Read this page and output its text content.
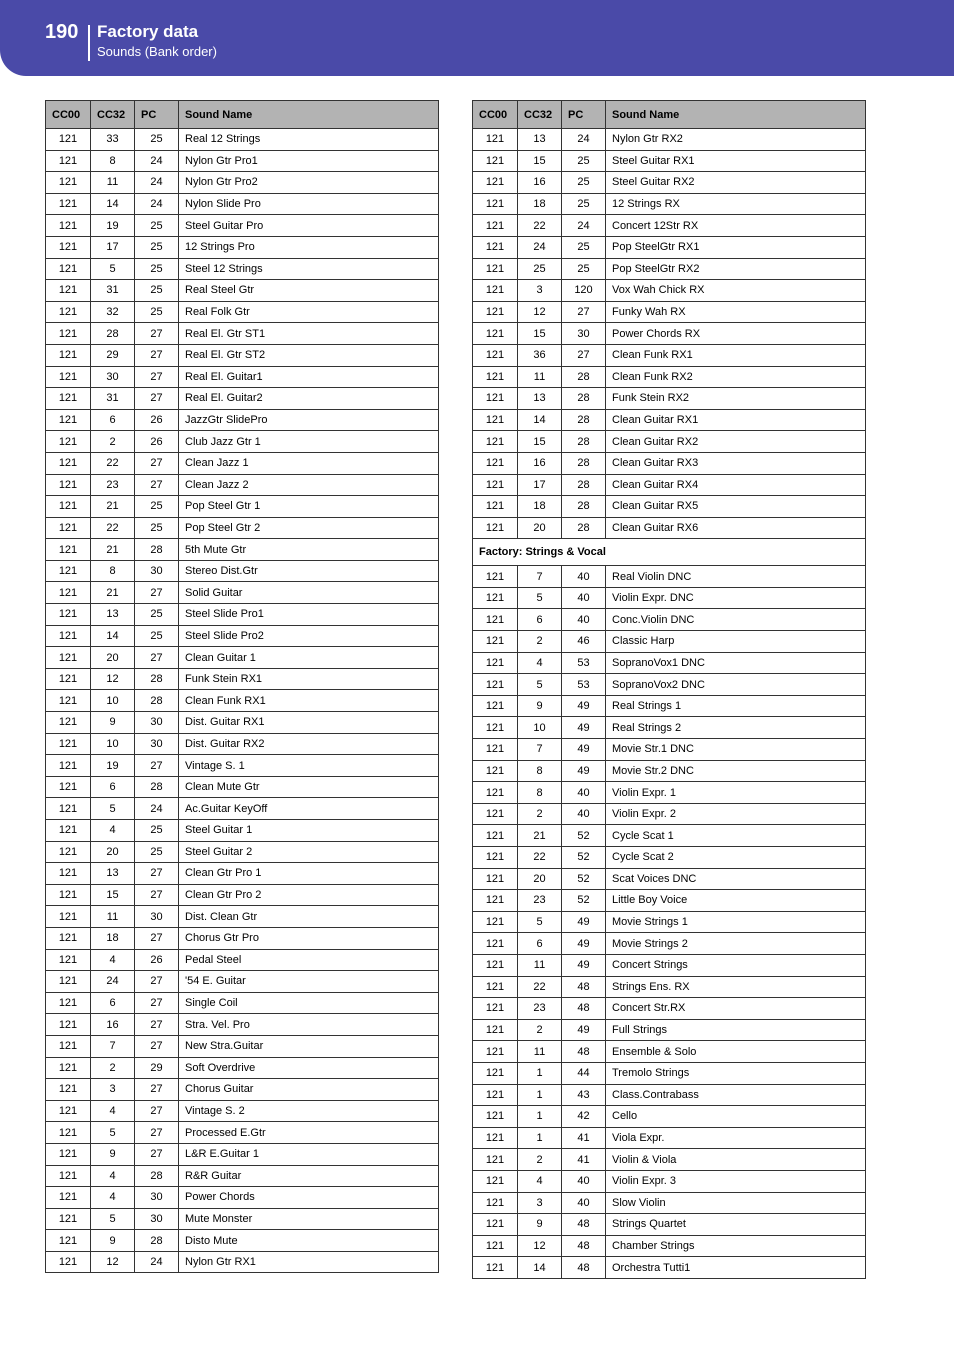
190 Factory data
Sounds (Bank order)
CC00	CC32	PC	Sound Name
121	33	25	Real 12 Strings
121	8	24	Nylon Gtr Pro1
121	11	24	Nylon Gtr Pro2
121	14	24	Nylon Slide Pro
121	19	25	Steel Guitar Pro
121	17	25	12 Strings Pro
121	5	25	Steel 12 Strings
121	31	25	Real Steel Gtr
121	32	25	Real Folk Gtr
121	28	27	Real El. Gtr ST1
121	29	27	Real El. Gtr ST2
121	30	27	Real El. Guitar1
121	31	27	Real El. Guitar2
121	6	26	JazzGtr SlidePro
121	2	26	Club Jazz Gtr 1
121	22	27	Clean Jazz 1
121	23	27	Clean Jazz 2
121	21	25	Pop Steel Gtr 1
121	22	25	Pop Steel Gtr 2
121	21	28	5th Mute Gtr
121	8	30	Stereo Dist.Gtr
121	21	27	Solid Guitar
121	13	25	Steel Slide Pro1
121	14	25	Steel Slide Pro2
121	20	27	Clean Guitar 1
121	12	28	Funk Stein RX1
121	10	28	Clean Funk RX1
121	9	30	Dist. Guitar RX1
121	10	30	Dist. Guitar RX2
121	19	27	Vintage S. 1
121	6	28	Clean Mute Gtr
121	5	24	Ac.Guitar KeyOff
121	4	25	Steel Guitar 1
121	20	25	Steel Guitar 2
121	13	27	Clean Gtr Pro 1
121	15	27	Clean Gtr Pro 2
121	11	30	Dist. Clean Gtr
121	18	27	Chorus Gtr Pro
121	4	26	Pedal Steel
121	24	27	'54 E. Guitar
121	6	27	Single Coil
121	16	27	Stra. Vel. Pro
121	7	27	New Stra.Guitar
121	2	29	Soft Overdrive
121	3	27	Chorus Guitar
121	4	27	Vintage S. 2
121	5	27	Processed E.Gtr
121	9	27	L&R E.Guitar 1
121	4	28	R&R Guitar
121	4	30	Power Chords
121	5	30	Mute Monster
121	9	28	Disto Mute
121	12	24	Nylon Gtr RX1
CC00	CC32	PC	Sound Name
121	13	24	Nylon Gtr RX2
121	15	25	Steel Guitar RX1
121	16	25	Steel Guitar RX2
121	18	25	12 Strings RX
121	22	24	Concert 12Str RX
121	24	25	Pop SteelGtr RX1
121	25	25	Pop SteelGtr RX2
121	3	120	Vox Wah Chick RX
121	12	27	Funky Wah RX
121	15	30	Power Chords RX
121	36	27	Clean Funk RX1
121	11	28	Clean Funk RX2
121	13	28	Funk Stein RX2
121	14	28	Clean Guitar RX1
121	15	28	Clean Guitar RX2
121	16	28	Clean Guitar RX3
121	17	28	Clean Guitar RX4
121	18	28	Clean Guitar RX5
121	20	28	Clean Guitar RX6
Factory: Strings & Vocal			
121	7	40	Real Violin DNC
121	5	40	Violin Expr. DNC
121	6	40	Conc.Violin DNC
121	2	46	Classic Harp
121	4	53	SopranoVox1 DNC
121	5	53	SopranoVox2 DNC
121	9	49	Real Strings 1
121	10	49	Real Strings 2
121	7	49	Movie Str.1 DNC
121	8	49	Movie Str.2 DNC
121	8	40	Violin Expr. 1
121	2	40	Violin Expr. 2
121	21	52	Cycle Scat 1
121	22	52	Cycle Scat 2
121	20	52	Scat Voices DNC
121	23	52	Little Boy Voice
121	5	49	Movie Strings 1
121	6	49	Movie Strings 2
121	11	49	Concert Strings
121	22	48	Strings Ens. RX
121	23	48	Concert Str.RX
121	2	49	Full Strings
121	11	48	Ensemble & Solo
121	1	44	Tremolo Strings
121	1	43	Class.Contrabass
121	1	42	Cello
121	1	41	Viola Expr.
121	2	41	Violin & Viola
121	4	40	Violin Expr. 3
121	3	40	Slow Violin
121	9	48	Strings Quartet
121	12	48	Chamber Strings
121	14	48	Orchestra Tutti1
